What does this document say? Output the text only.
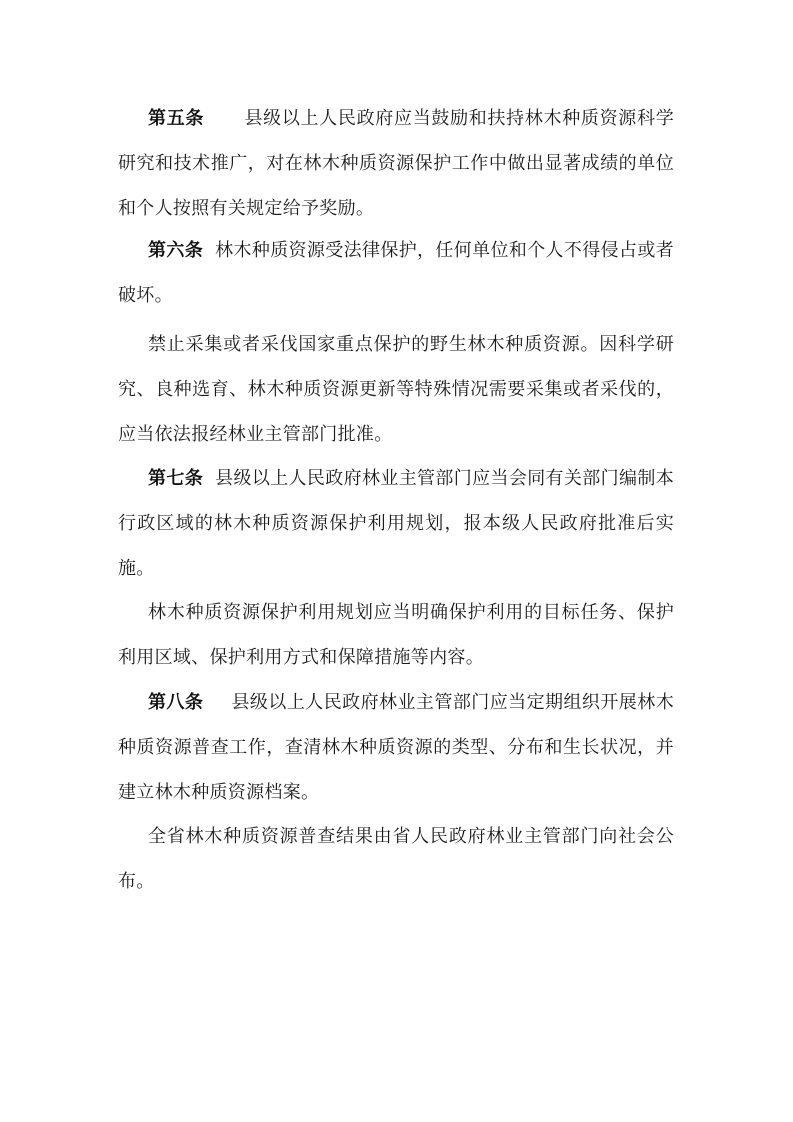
第五条 县级以上人民政府应当鼓励和扶持林木种质资源科学研究和技术推广，对在林木种质资源保护工作中做出显著成绩的单位和个人按照有关规定给予奖励。

第六条 林木种质资源受法律保护，任何单位和个人不得侵占或者破坏。

禁止采集或者采伐国家重点保护的野生林木种质资源。因科学研究、良种选育、林木种质资源更新等特殊情况需要采集或者采伐的，应当依法报经林业主管部门批准。

第七条 县级以上人民政府林业主管部门应当会同有关部门编制本行政区域的林木种质资源保护利用规划，报本级人民政府批准后实施。

林木种质资源保护利用规划应当明确保护利用的目标任务、保护利用区域、保护利用方式和保障措施等内容。

第八条 县级以上人民政府林业主管部门应当定期组织开展林木种质资源普查工作，查清林木种质资源的类型、分布和生长状况，并建立林木种质资源档案。

全省林木种质资源普查结果由省人民政府林业主管部门向社会公布。
